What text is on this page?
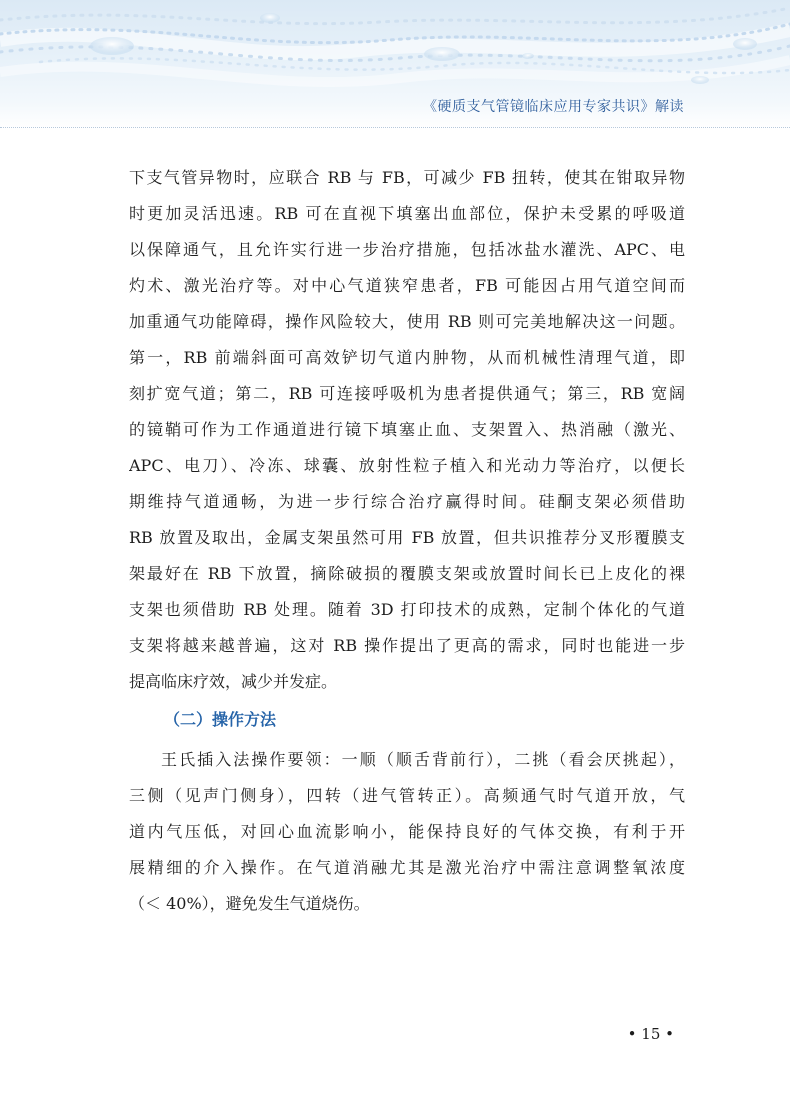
《硬质支气管镜临床应用专家共识》解读
下支气管异物时，应联合 RB 与 FB，可减少 FB 扭转，使其在钳取异物
时更加灵活迅速。RB 可在直视下填塞出血部位，保护未受累的呼吸道
以保障通气，且允许实行进一步治疗措施，包括冰盐水灌洗、APC、电
灼术、激光治疗等。对中心气道狭窄患者，FB 可能因占用气道空间而
加重通气功能障碍，操作风险较大，使用 RB 则可完美地解决这一问题。
第一，RB 前端斜面可高效铲切气道内肿物，从而机械性清理气道，即
刻扩宽气道；第二，RB 可连接呼吸机为患者提供通气；第三，RB 宽阔
的镜鞘可作为工作通道进行镜下填塞止血、支架置入、热消融（激光、
APC、电刀）、冷冻、球囊、放射性粒子植入和光动力等治疗，以便长
期维持气道通畅，为进一步行综合治疗赢得时间。硅酮支架必须借助
RB 放置及取出，金属支架虽然可用 FB 放置，但共识推荐分叉形覆膜支
架最好在 RB 下放置，摘除破损的覆膜支架或放置时间长已上皮化的裸
支架也须借助 RB 处理。随着 3D 打印技术的成熟，定制个体化的气道
支架将越来越普遍，这对 RB 操作提出了更高的需求，同时也能进一步
提高临床疗效，减少并发症。
（二）操作方法
王氏插入法操作要领：一顺（顺舌背前行），二挑（看会厌挑起），
三侧（见声门侧身），四转（进气管转正）。高频通气时气道开放，气
道内气压低，对回心血流影响小，能保持良好的气体交换，有利于开
展精细的介入操作。在气道消融尤其是激光治疗中需注意调整氧浓度
（＜ 40%），避免发生气道烧伤。
• 15 •
